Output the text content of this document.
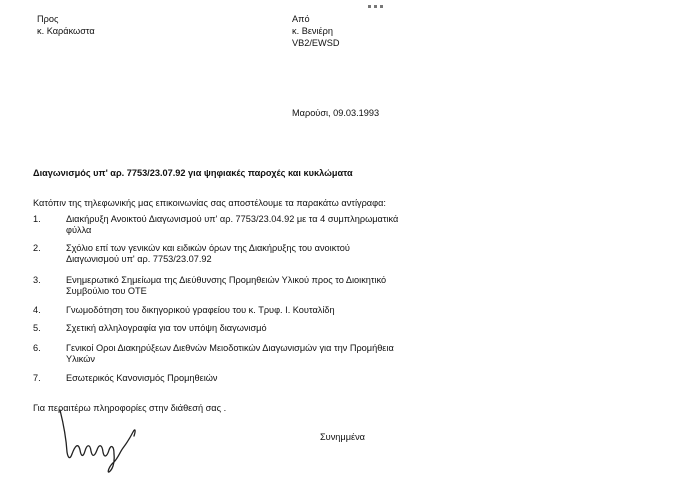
Προς
κ. Καράκωστα
Από
κ. Βενιέρη
VB2/EWSD
Μαρούσι, 09.03.1993
Διαγωνισμός υπ' αρ. 7753/23.07.92 για ψηφιακές παροχές και κυκλώματα
Κατόπιν της τηλεφωνικής μας επικοινωνίας σας αποστέλουμε τα παρακάτω αντίγραφα:
1.	Διακήρυξη Ανοικτού Διαγωνισμού υπ' αρ. 7753/23.04.92 με τα 4 συμπληρωματικά
φύλλα
2.	Σχόλιο επί των γενικών και ειδικών όρων της Διακήρυξης του ανοικτού
Διαγωνισμού υπ' αρ. 7753/23.07.92
3.	Ενημερωτικό Σημείωμα της Διεύθυνσης Προμηθειών Υλικού προς το Διοικητικό
Συμβούλιο του ΟΤΕ
4.	Γνωμοδότηση του δικηγορικού γραφείου του κ. Τρυφ. Ι. Κουταλίδη
5.	Σχετική αλληλογραφία για τον υπόψη διαγωνισμό
6.	Γενικοί Οροι Διακηρύξεων Διεθνών Μειοδοτικών Διαγωνισμών για την Προμήθεια
Υλικών
7.	Εσωτερικός Κανονισμός Προμηθειών
Για περαιτέρω πληροφορίες στην διάθεσή σας .
Συνημμένα
